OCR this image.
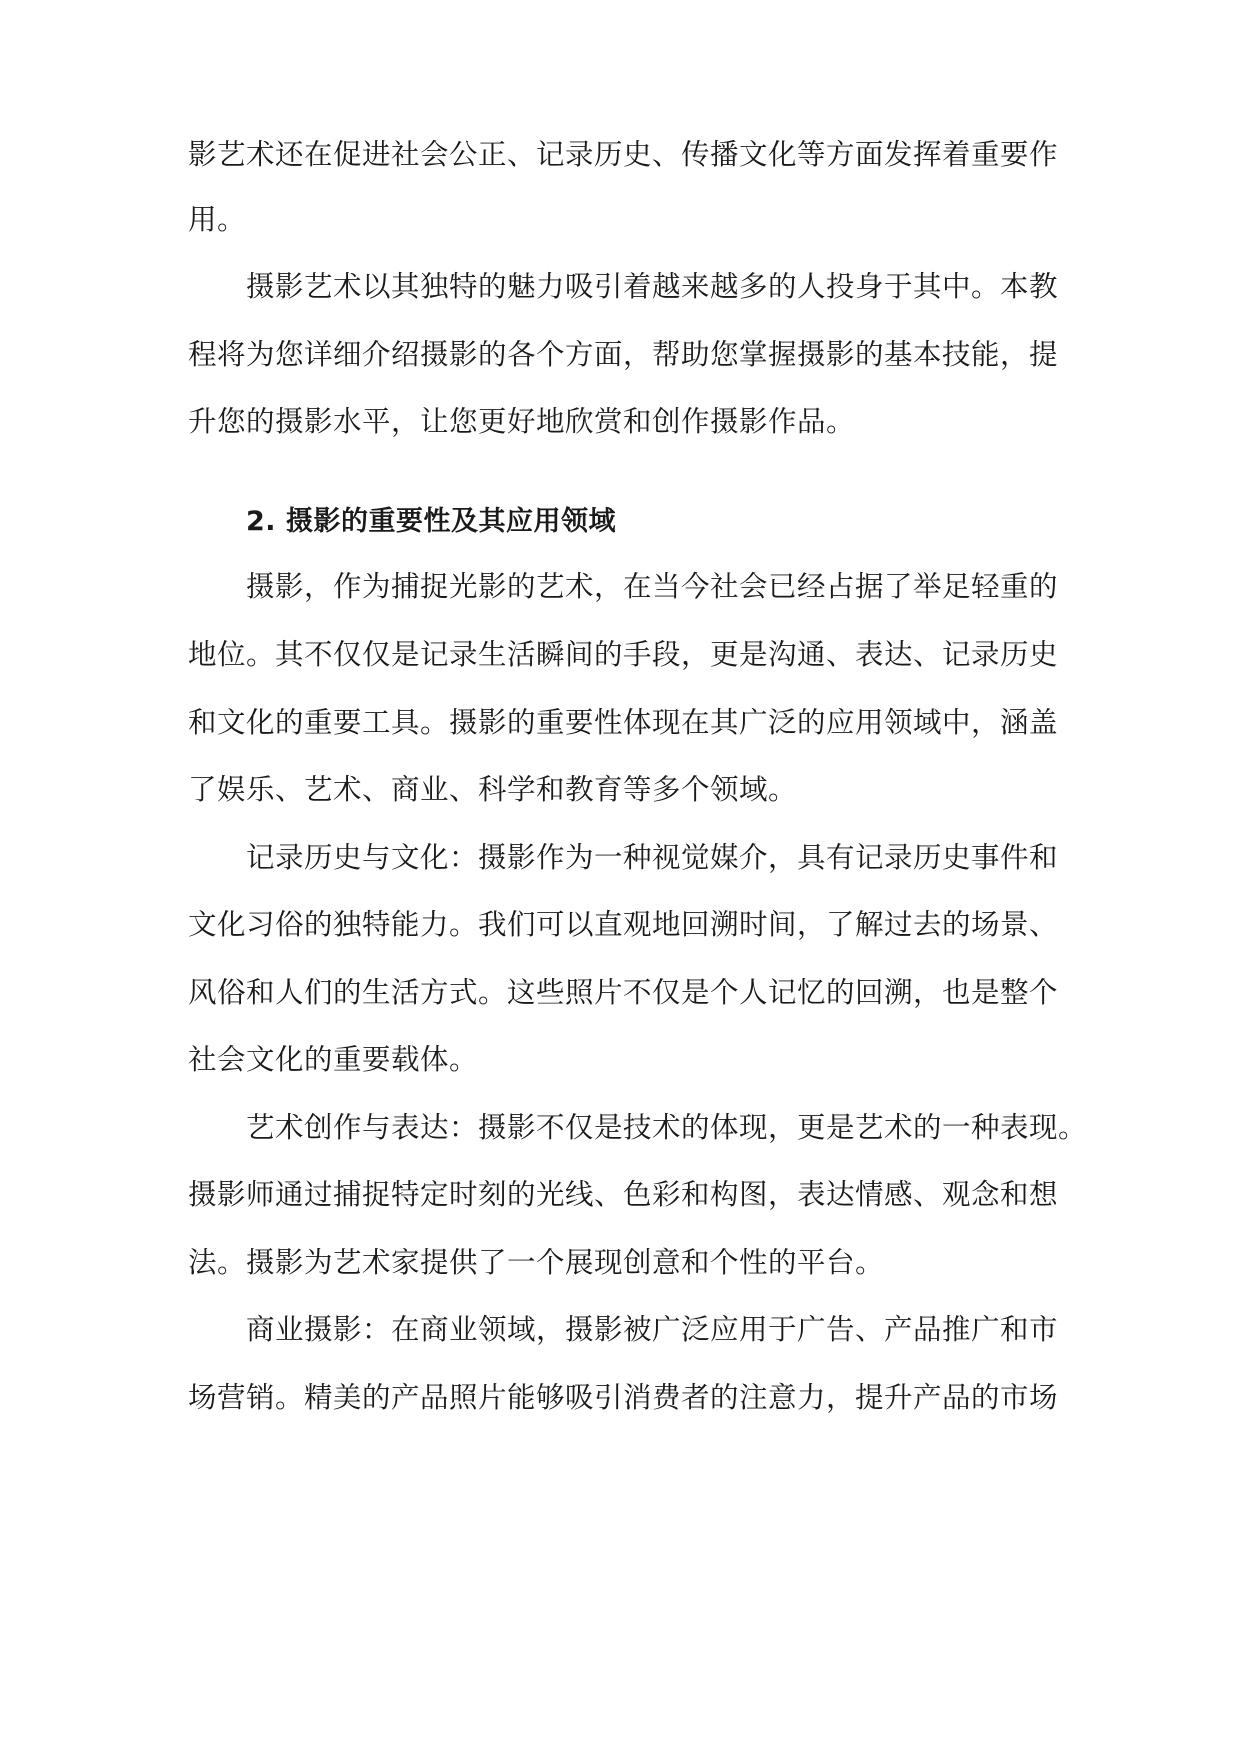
影艺术还在促进社会公正、记录历史、传播文化等方面发挥着重要作
用。
摄影艺术以其独特的魅力吸引着越来越多的人投身于其中。本教
程将为您详细介绍摄影的各个方面，帮助您掌握摄影的基本技能，提
升您的摄影水平，让您更好地欣赏和创作摄影作品。
2. 摄影的重要性及其应用领域
摄影，作为捕捉光影的艺术，在当今社会已经占据了举足轻重的
地位。其不仅仅是记录生活瞬间的手段，更是沟通、表达、记录历史
和文化的重要工具。摄影的重要性体现在其广泛的应用领域中，涵盖
了娱乐、艺术、商业、科学和教育等多个领域。
记录历史与文化：摄影作为一种视觉媒介，具有记录历史事件和
文化习俗的独特能力。我们可以直观地回溯时间，了解过去的场景、
风俗和人们的生活方式。这些照片不仅是个人记忆的回溯，也是整个
社会文化的重要载体。
艺术创作与表达：摄影不仅是技术的体现，更是艺术的一种表现。
摄影师通过捕捉特定时刻的光线、色彩和构图，表达情感、观念和想
法。摄影为艺术家提供了一个展现创意和个性的平台。
商业摄影：在商业领域，摄影被广泛应用于广告、产品推广和市
场营销。精美的产品照片能够吸引消费者的注意力，提升产品的市场
